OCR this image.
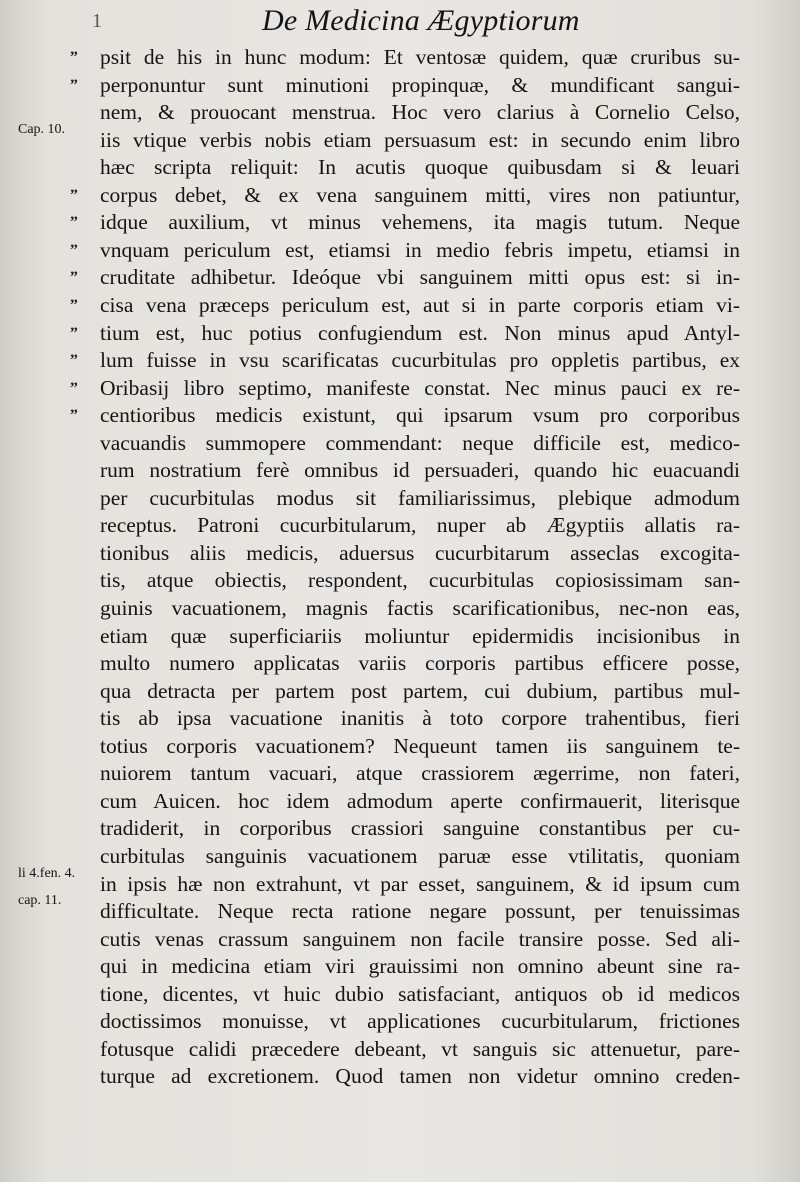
1	De Medicina Ægyptiorum
psit de his in hunc modum: Et ventosæ quidem, quæ cruribus su-
perponuntur sunt minutioni propinquæ, & mundificant sangui-
nem, & prouocant menstrua. Hoc vero clarius à Cornelio Celso,
iis vtique verbis nobis etiam persuasum est: in secundo enim libro
hæc scripta reliquit: In acutis quoque quibusdam si & leuari
corpus debet, & ex vena sanguinem mitti, vires non patiuntur,
idque auxilium, vt minus vehemens, ita magis tutum. Neque
vnquam periculum est, etiamsi in medio febris impetu, etiamsi in
cruditate adhibetur. Ideóque vbi sanguinem mitti opus est: si in-
cisa vena præceps periculum est, aut si in parte corporis etiam vi-
tium est, huc potius confugiendum est. Non minus apud Antyl-
lum fuisse in vsu scarificatas cucurbitulas pro oppletis partibus, ex
Oribasij libro septimo, manifeste constat. Nec minus pauci ex re-
centioribus medicis existunt, qui ipsarum vsum pro corporibus
vacuandis summopere commendant: neque difficile est, medico-
rum nostratium ferè omnibus id persuaderi, quando hic euacuandi
per cucurbitulas modus sit familiarissimus, plebique admodum
receptus. Patroni cucurbitularum, nuper ab Ægyptiis allatis ra-
tionibus aliis medicis, aduersus cucurbitarum asseclas excogita-
tis, atque obiectis, respondent, cucurbitulas copiosissimam san-
guinis vacuationem, magnis factis scarificationibus, nec-non eas,
etiam quæ superficiariis moliuntur epidermidis incisionibus in
multo numero applicatas variis corporis partibus efficere posse,
qua detracta per partem post partem, cui dubium, partibus mul-
tis ab ipsa vacuatione inanitis à toto corpore trahentibus, fieri
totius corporis vacuationem? Nequeunt tamen iis sanguinem te-
nuiorem tantum vacuari, atque crassiorem ægerrime, non fateri,
cum Auicen. hoc idem admodum aperte confirmauerit, literisque
tradiderit, in corporibus crassiori sanguine constantibus per cu-
curbitulas sanguinis vacuationem paruæ esse vtilitatis, quoniam
in ipsis hæ non extrahunt, vt par esset, sanguinem, & id ipsum cum
difficultate. Neque recta ratione negare possunt, per tenuissimas
cutis venas crassum sanguinem non facile transire posse. Sed ali-
qui in medicina etiam viri grauissimi non omnino abeunt sine ra-
tione, dicentes, vt huic dubio satisfaciant, antiquos ob id medicos
doctissimos monuisse, vt applicationes cucurbitularum, frictiones
fotusque calidi præcedere debeant, vt sanguis sic attenuetur, pare-
turque ad excretionem. Quod tamen non videtur omnino creden-
„
„
„
„
„
„
„
„
„
„
„
Cap. 10.
li 4.fen. 4.
cap. 11.
